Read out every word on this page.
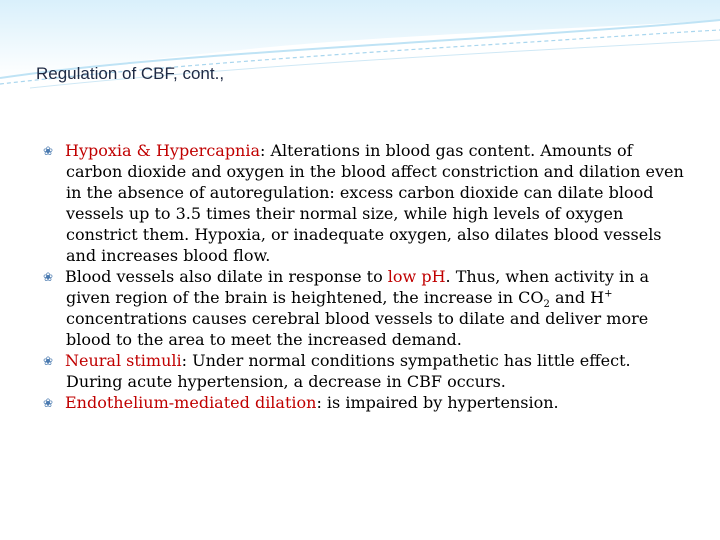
Regulation of CBF, cont.,

❀ Hypoxia & Hypercapnia: Alterations in blood gas content. Amounts of carbon dioxide and oxygen in the blood affect constriction and dilation even in the absence of autoregulation: excess carbon dioxide can dilate blood vessels up to 3.5 times their normal size, while high levels of oxygen constrict them. Hypoxia, or inadequate oxygen, also dilates blood vessels and increases blood flow.

❀ Blood vessels also dilate in response to low pH. Thus, when activity in a given region of the brain is heightened, the increase in $CO_2$ and H+ concentrations causes cerebral blood vessels to dilate and deliver more blood to the area to meet the increased demand.

❀ Neural stimuli: Under normal conditions sympathetic has little effect. During acute hypertension, a decrease in CBF occurs.

❀ Endothelium-mediated dilation: is impaired by hypertension.
